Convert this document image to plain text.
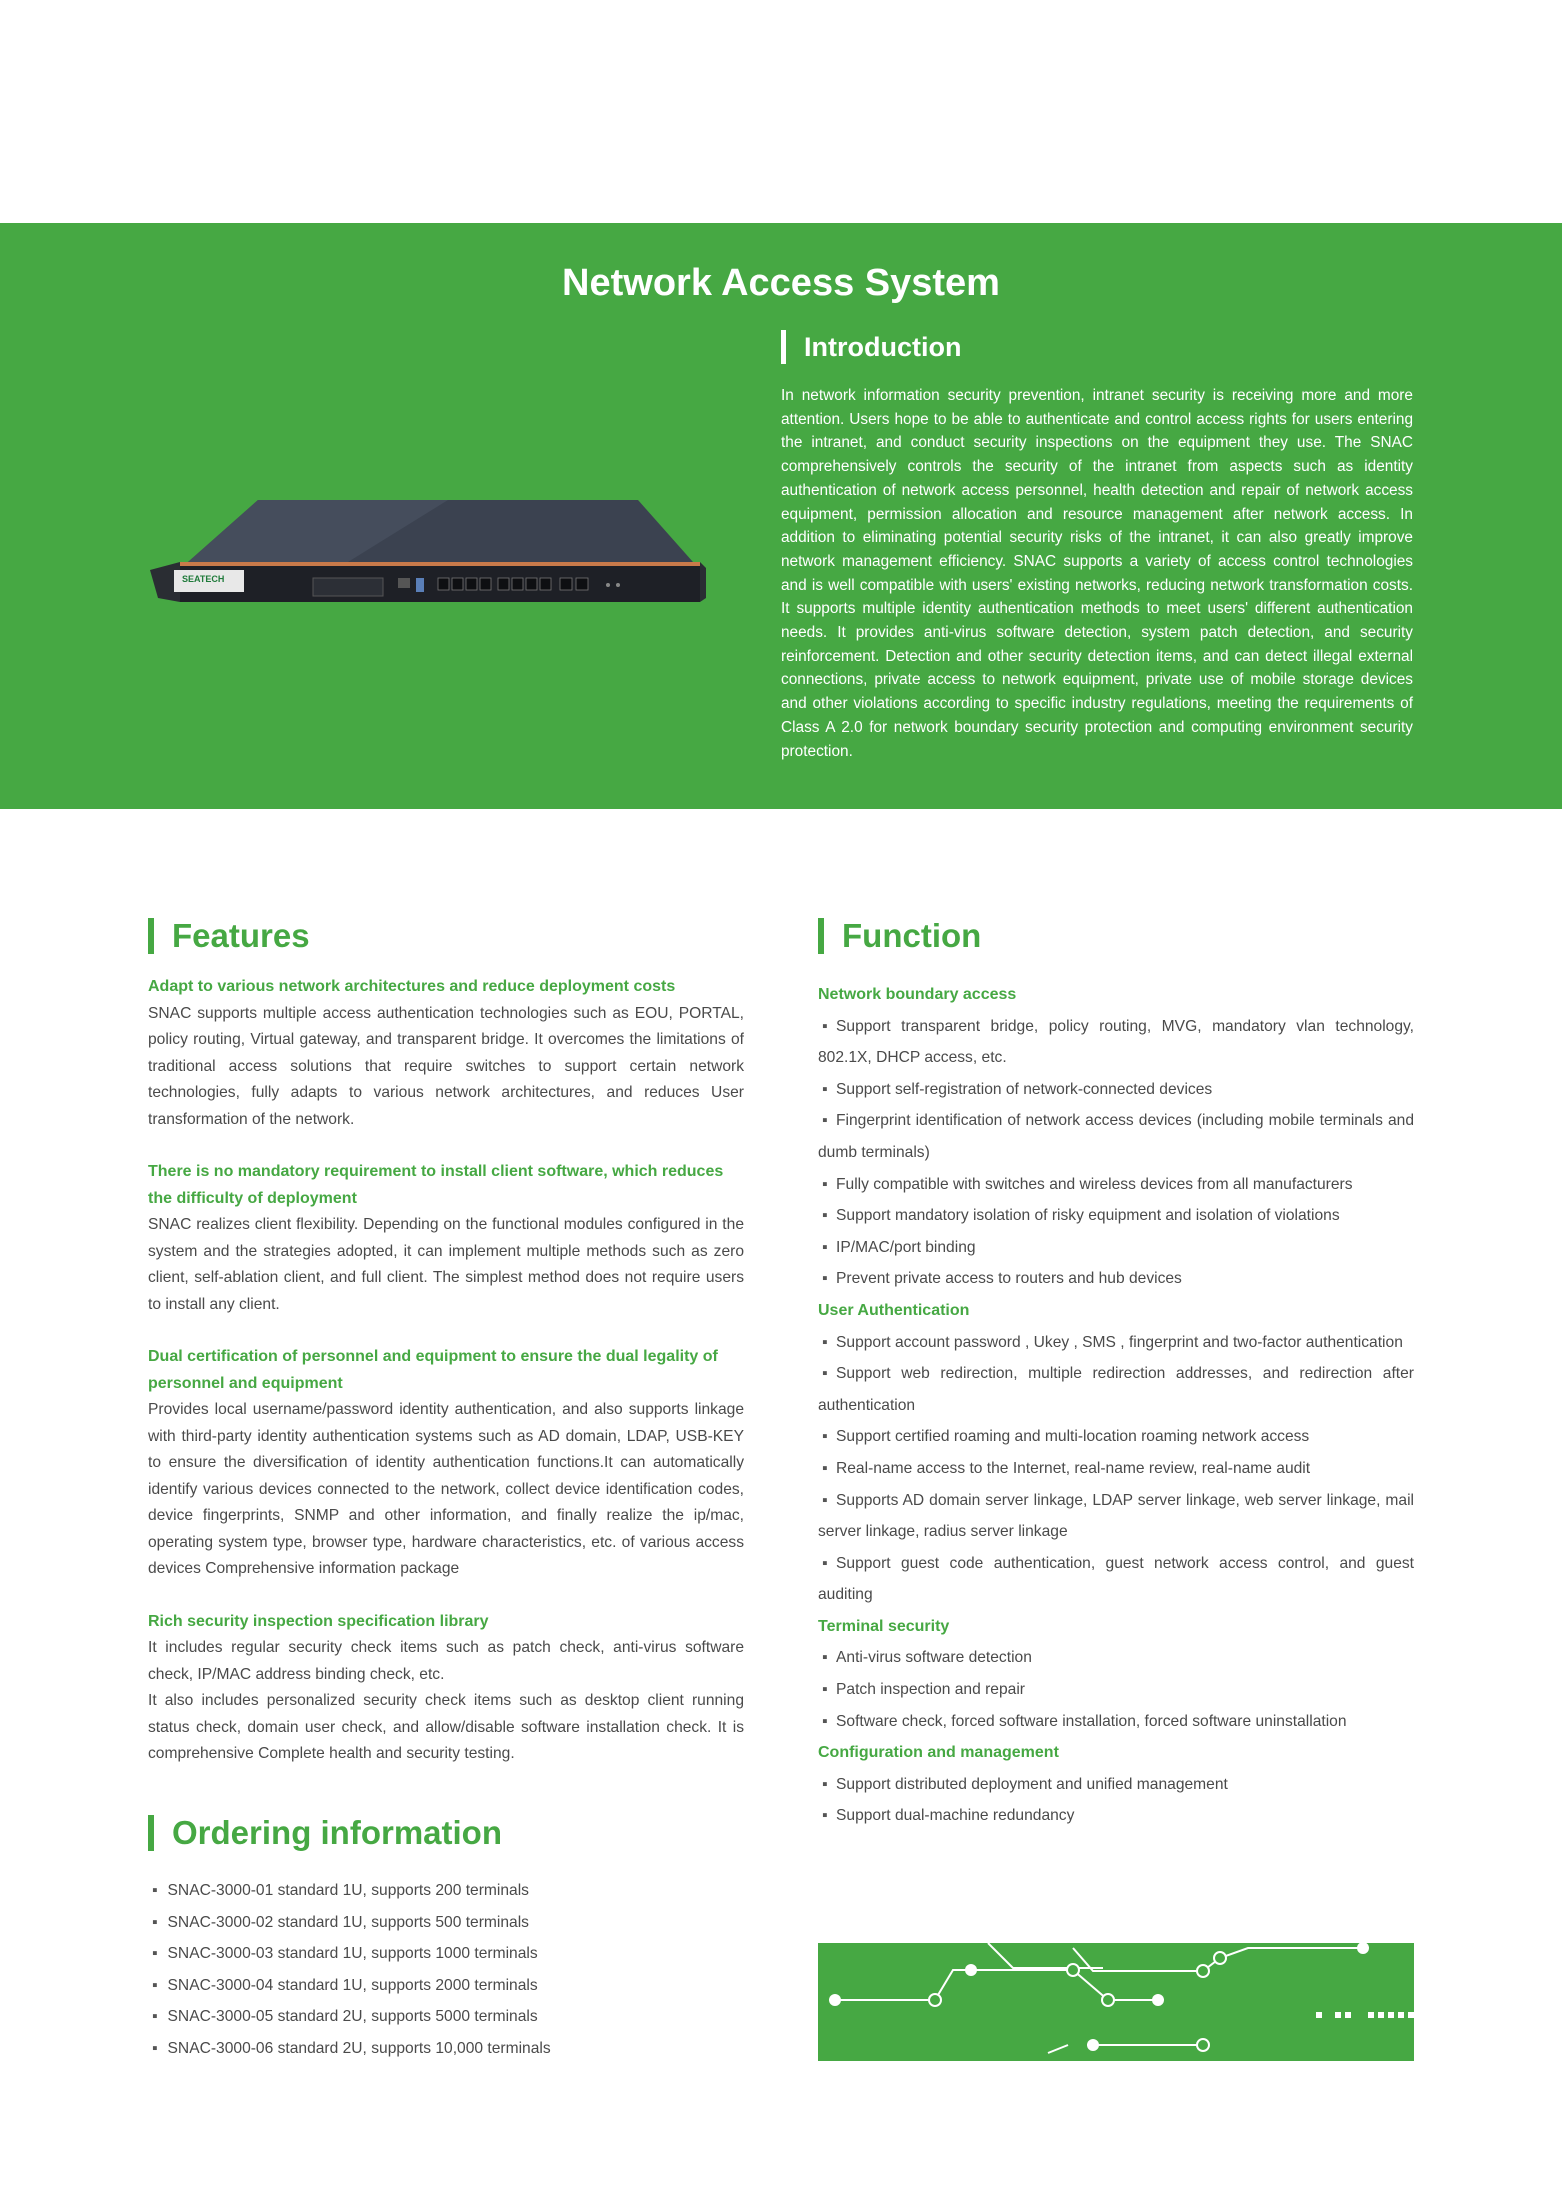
Network Access System
SEATECH
Introduction

In network information security prevention, intranet security is receiving more and more attention. Users hope to be able to authenticate and control access rights for users entering the intranet, and conduct security inspections on the equipment they use. The SNAC comprehensively controls the security of the intranet from aspects such as identity authentication of network access personnel, health detection and repair of network access equipment, permission allocation and resource management after network access. In addition to eliminating potential security risks of the intranet, it can also greatly improve network management efficiency. SNAC supports a variety of access control technologies and is well compatible with users' existing networks, reducing network transformation costs. It supports multiple identity authentication methods to meet users' different authentication needs. It provides anti-virus software detection, system patch detection, and security reinforcement. Detection and other security detection items, and can detect illegal external connections, private access to network equipment, private use of mobile storage devices and other violations according to specific industry regulations, meeting the requirements of Class A 2.0 for network boundary security protection and computing environment security protection.

Features
Adapt to various network architectures and reduce deployment costs

SNAC supports multiple access authentication technologies such as EOU, PORTAL, policy routing, Virtual gateway, and transparent bridge. It overcomes the limitations of traditional access solutions that require switches to support certain network technologies, fully adapts to various network architectures, and reduces User transformation of the network.

There is no mandatory requirement to install client software, which reduces the difficulty of deployment

SNAC realizes client flexibility. Depending on the functional modules configured in the system and the strategies adopted, it can implement multiple methods such as zero client, self-ablation client, and full client. The simplest method does not require users to install any client.

Dual certification of personnel and equipment to ensure the dual legality of personnel and equipment

Provides local username/password identity authentication, and also supports linkage with third-party identity authentication systems such as AD domain, LDAP, USB-KEY to ensure the diversification of identity authentication functions.It can automatically identify various devices connected to the network, collect device identification codes, device fingerprints, SNMP and other information, and finally realize the ip/mac, operating system type, browser type, hardware characteristics, etc. of various access devices Comprehensive information package

Rich security inspection specification library

It includes regular security check items such as patch check, anti-virus software check, IP/MAC address binding check, etc.

It also includes personalized security check items such as desktop client running status check, domain user check, and allow/disable software installation check. It is comprehensive Complete health and security testing.

Ordering information
▪ SNAC-3000-01 standard 1U, supports 200 terminals
▪ SNAC-3000-02 standard 1U, supports 500 terminals
▪ SNAC-3000-03 standard 1U, supports 1000 terminals
▪ SNAC-3000-04 standard 1U, supports 2000 terminals
▪ SNAC-3000-05 standard 2U, supports 5000 terminals
▪ SNAC-3000-06 standard 2U, supports 10,000 terminals
Function
Network boundary access
▪ Support transparent bridge, policy routing, MVG, mandatory vlan technology, 802.1X, DHCP access, etc.
▪ Support self-registration of network-connected devices
▪ Fingerprint identification of network access devices (including mobile terminals and dumb terminals)
▪ Fully compatible with switches and wireless devices from all manufacturers
▪ Support mandatory isolation of risky equipment and isolation of violations
▪ IP/MAC/port binding
▪ Prevent private access to routers and hub devices
User Authentication
▪ Support account password , Ukey , SMS , fingerprint and two-factor authentication
▪ Support web redirection, multiple redirection addresses, and redirection after authentication
▪ Support certified roaming and multi-location roaming network access
▪ Real-name access to the Internet, real-name review, real-name audit
▪ Supports AD domain server linkage, LDAP server linkage, web server linkage, mail server linkage, radius server linkage
▪ Support guest code authentication, guest network access control, and guest auditing
Terminal security
▪ Anti-virus software detection
▪ Patch inspection and repair
▪ Software check, forced software installation, forced software uninstallation
Configuration and management
▪ Support distributed deployment and unified management
▪ Support dual-machine redundancy
